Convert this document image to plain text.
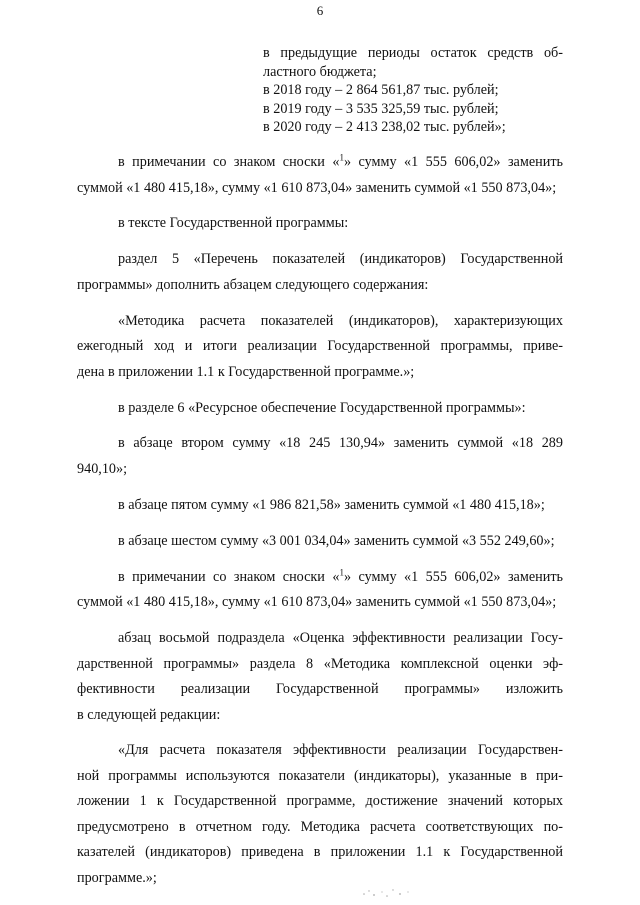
6
в предыдущие периоды остаток средств об-
ластного бюджета;
в 2018 году – 2 864 561,87 тыс. рублей;
в 2019 году – 3 535 325,59 тыс. рублей;
в 2020 году – 2 413 238,02 тыс. рублей»;
в примечании со знаком сноски «$^1$» сумму «1 555 606,02» заменить
суммой «1 480 415,18», сумму «1 610 873,04» заменить суммой «1 550 873,04»;
в тексте Государственной программы:
раздел 5 «Перечень показателей (индикаторов) Государственной
программы» дополнить абзацем следующего содержания:
«Методика расчета показателей (индикаторов), характеризующих
ежегодный ход и итоги реализации Государственной программы, приве-
дена в приложении 1.1 к Государственной программе.»;
в разделе 6 «Ресурсное обеспечение Государственной программы»:
в абзаце втором сумму «18 245 130,94» заменить суммой «18 289 940,10»;
в абзаце пятом сумму «1 986 821,58» заменить суммой «1 480 415,18»;
в абзаце шестом сумму «3 001 034,04» заменить суммой «3 552 249,60»;
в примечании со знаком сноски «$^1$» сумму «1 555 606,02» заменить
суммой «1 480 415,18», сумму «1 610 873,04» заменить суммой «1 550 873,04»;
абзац восьмой подраздела «Оценка эффективности реализации Госу-
дарственной программы» раздела 8 «Методика комплексной оценки эф-
фективности реализации Государственной программы» изложить
в следующей редакции:
«Для расчета показателя эффективности реализации Государствен-
ной программы используются показатели (индикаторы), указанные в при-
ложении 1 к Государственной программе, достижение значений которых
предусмотрено в отчетном году. Методика расчета соответствующих по-
казателей (индикаторов) приведена в приложении 1.1 к Государственной
программе.»;
